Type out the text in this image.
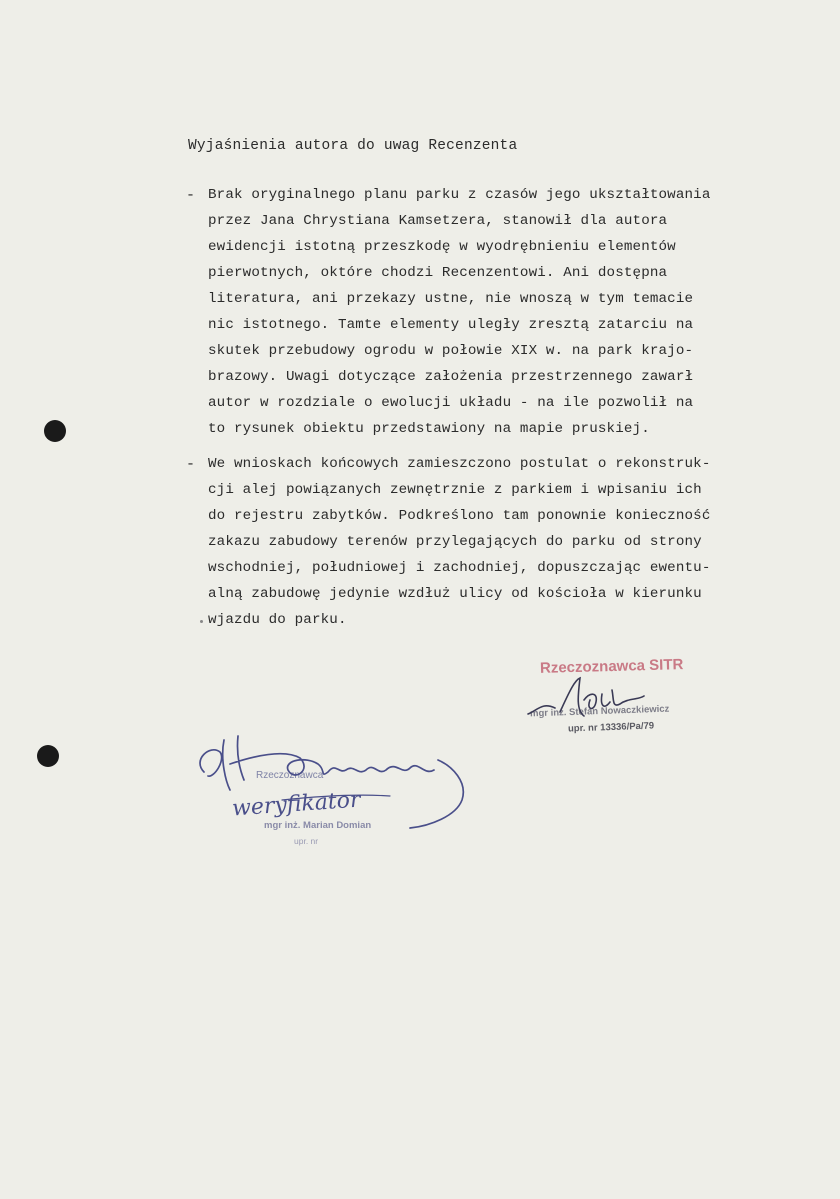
Wyjaśnienia autora do uwag Recenzenta
- Brak oryginalnego planu parku z czasów jego ukształtowania
przez Jana Chrystiana Kamsetzera, stanowił dla autora
ewidencji istotną przeszkodę w wyodrębnieniu elementów
pierwotnych, októre chodzi Recenzentowi. Ani dostępna
literatura, ani przekazy ustne, nie wnoszą w tym temacie
nic istotnego. Tamte elementy uległy zresztą zatarciu na
skutek przebudowy ogrodu w połowie XIX w. na park krajo-
brazowy. Uwagi dotyczące założenia przestrzennego zawarł
autor w rozdziale o ewolucji układu - na ile pozwolił na
to rysunek obiektu przedstawiony na mapie pruskiej.
- We wnioskach końcowych zamieszczono postulat o rekonstruk-
cji alej powiązanych zewnętrznie z parkiem i wpisaniu ich
do rejestru zabytków. Podkreślono tam ponownie konieczność
zakazu zabudowy terenów przylegających do parku od strony
wschodniej, południowej i zachodniej, dopuszczając ewentu-
alną zabudowę jedynie wzdłuż ulicy od kościoła w kierunku
wjazdu do parku.
Rzeczoznawca SITR
mgr inż. Stefan Nowaczkiewicz
upr. nr 13336/Pa/79
Rzeczoznawca
mgr inż. Marian Domian
upr. nr
weryfikator
